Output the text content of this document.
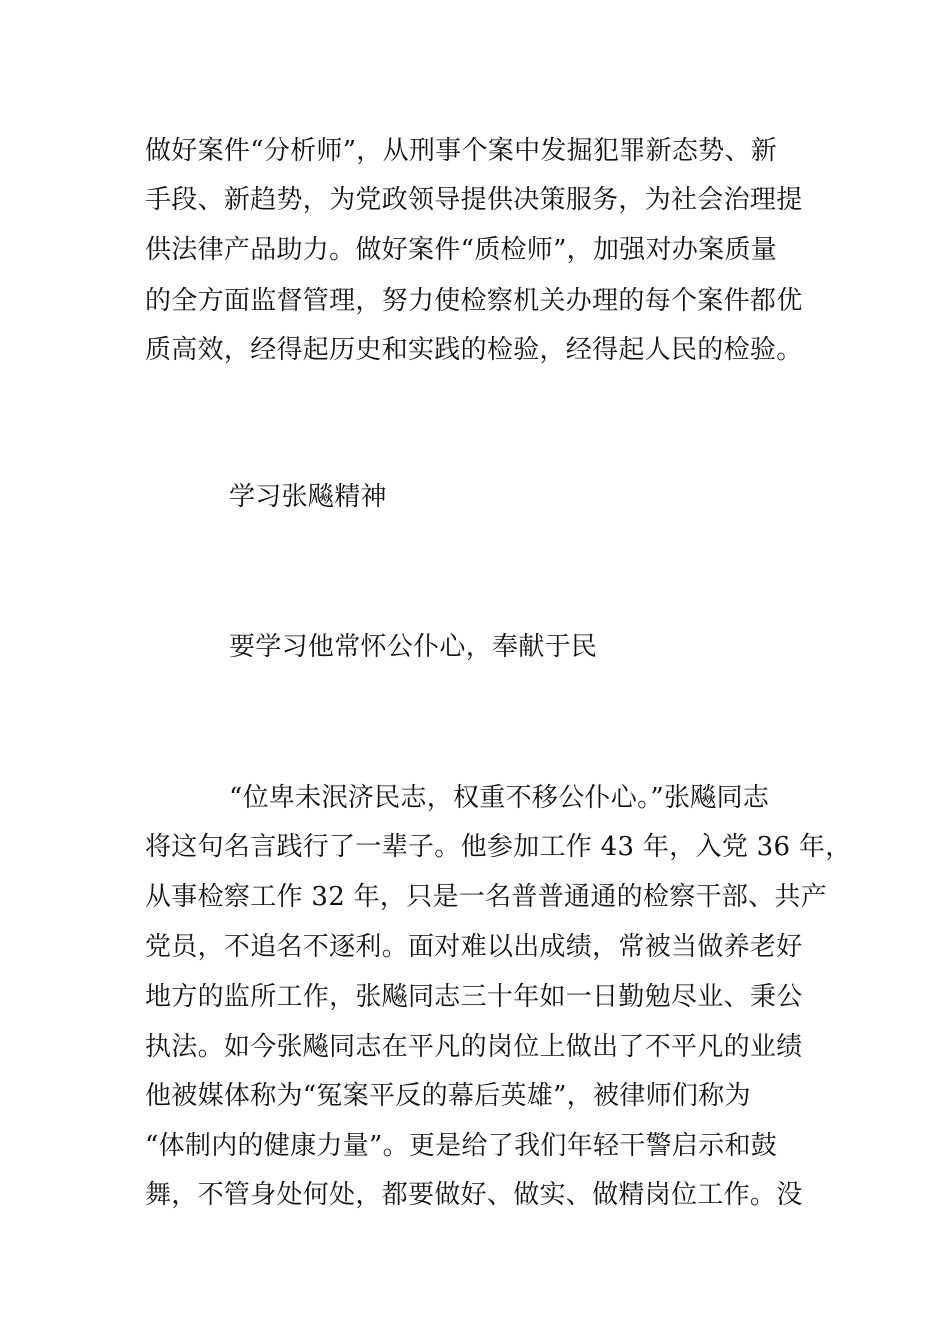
做好案件“分析师”，从刑事个案中发掘犯罪新态势、新
手段、新趋势，为党政领导提供决策服务，为社会治理提
供法律产品助力。做好案件“质检师”，加强对办案质量
的全方面监督管理，努力使检察机关办理的每个案件都优
质高效，经得起历史和实践的检验，经得起人民的检验。
学习张飚精神
要学习他常怀公仆心，奉献于民
“位卑未泯济民志，权重不移公仆心。”张飚同志
将这句名言践行了一辈子。他参加工作 43 年，入党 36 年，
从事检察工作 32 年，只是一名普普通通的检察干部、共产
党员，不追名不逐利。面对难以出成绩，常被当做养老好
地方的监所工作，张飚同志三十年如一日勤勉尽业、秉公
执法。如今张飚同志在平凡的岗位上做出了不平凡的业绩
他被媒体称为“冤案平反的幕后英雄”，被律师们称为
“体制内的健康力量”。更是给了我们年轻干警启示和鼓
舞，不管身处何处，都要做好、做实、做精岗位工作。没
